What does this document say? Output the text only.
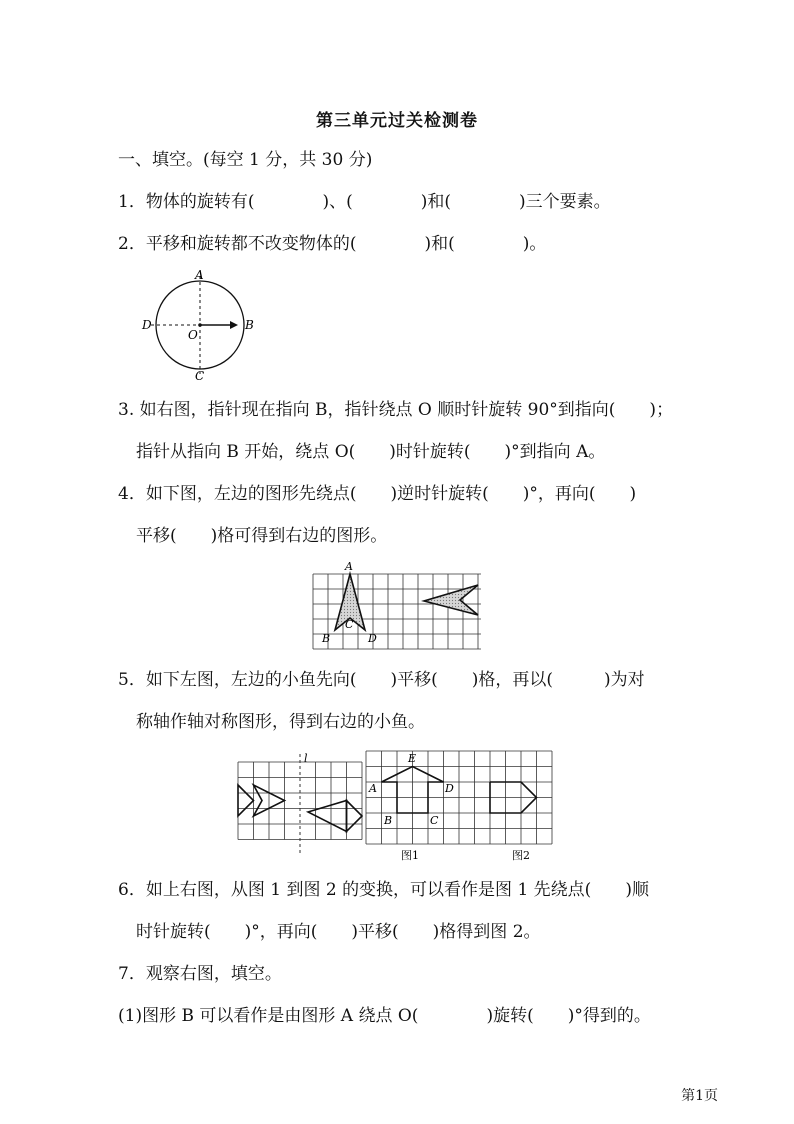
第三单元过关检测卷
一、填空。(每空 1 分，共 30 分)
1．物体的旋转有(　　　　)、(　　　　)和(　　　　)三个要素。
2．平移和旋转都不改变物体的(　　　　)和(　　　　)。
A
B
C
D
O
3. 如右图，指针现在指向 B，指针绕点 O 顺时针旋转 90°到指向(　　)；
指针从指向 B 开始，绕点 O(　　)时针旋转(　　)°到指向 A。
4．如下图，左边的图形先绕点(　　)逆时针旋转(　　)°，再向(　　)
平移(　　)格可得到右边的图形。
A
B
C
D
5．如下左图，左边的小鱼先向(　　)平移(　　)格，再以(　　　)为对
称轴作轴对称图形，得到右边的小鱼。
l	E
A	D
B	C
图1	图2
6．如上右图，从图 1 到图 2 的变换，可以看作是图 1 先绕点(　　)顺
时针旋转(　　)°，再向(　　)平移(　　)格得到图 2。
7．观察右图，填空。
(1)图形 B 可以看作是由图形 A 绕点 O(　　　　)旋转(　　)°得到的。
第1页
